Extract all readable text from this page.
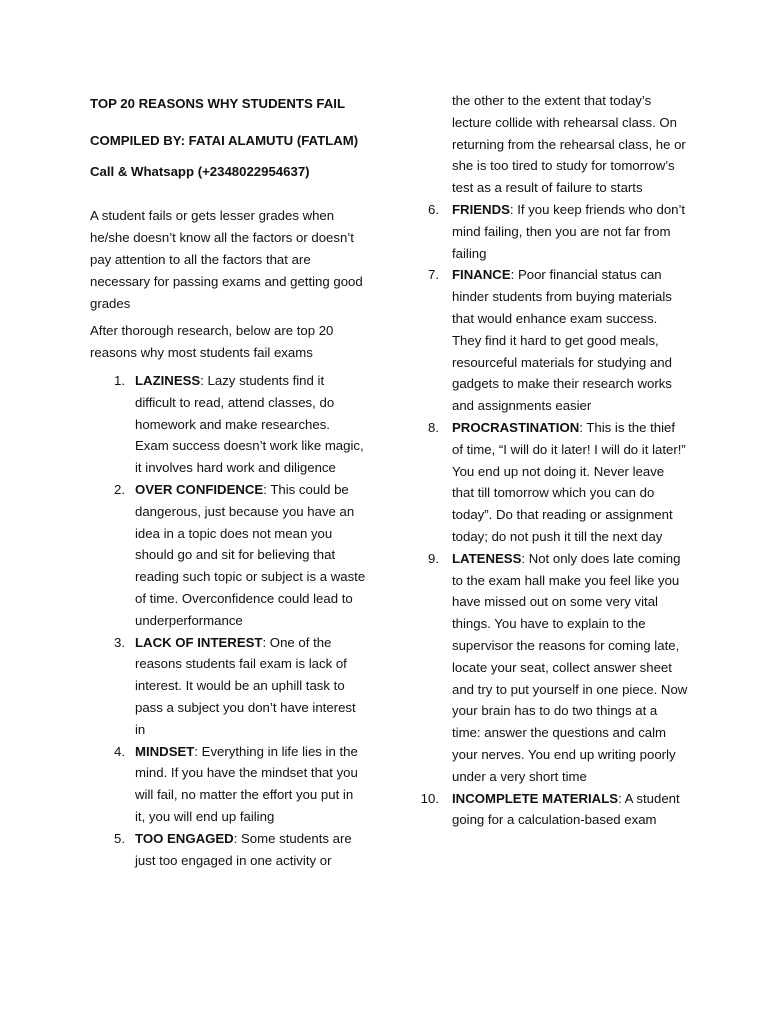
TOP 20 REASONS WHY STUDENTS FAIL

COMPILED BY: FATAI ALAMUTU (FATLAM)

Call & Whatsapp (+2348022954637)

A student fails or gets lesser grades when he/she doesn’t know all the factors or doesn’t pay attention to all the factors that are necessary for passing exams and getting good grades

After thorough research, below are top 20 reasons why most students fail exams

1. LAZINESS: Lazy students find it difficult to read, attend classes, do homework and make researches. Exam success doesn’t work like magic, it involves hard work and diligence
2. OVER CONFIDENCE: This could be dangerous, just because you have an idea in a topic does not mean you should go and sit for believing that reading such topic or subject is a waste of time. Overconfidence could lead to underperformance
3. LACK OF INTEREST: One of the reasons students fail exam is lack of interest. It would be an uphill task to pass a subject you don’t have interest in
4. MINDSET: Everything in life lies in the mind. If you have the mindset that you will fail, no matter the effort you put in it, you will end up failing
5. TOO ENGAGED: Some students are just too engaged in one activity or

the other to the extent that today’s lecture collide with rehearsal class. On returning from the rehearsal class, he or she is too tired to study for tomorrow’s test as a result of failure to starts

6. FRIENDS: If you keep friends who don’t mind failing, then you are not far from failing
7. FINANCE: Poor financial status can hinder students from buying materials that would enhance exam success. They find it hard to get good meals, resourceful materials for studying and gadgets to make their research works and assignments easier
8. PROCRASTINATION: This is the thief of time, “I will do it later! I will do it later!” You end up not doing it. Never leave that till tomorrow which you can do today”. Do that reading or assignment today; do not push it till the next day
9. LATENESS: Not only does late coming to the exam hall make you feel like you have missed out on some very vital things. You have to explain to the supervisor the reasons for coming late, locate your seat, collect answer sheet and try to put yourself in one piece. Now your brain has to do two things at a time: answer the questions and calm your nerves. You end up writing poorly under a very short time
10. INCOMPLETE MATERIALS: A student going for a calculation-based exam
